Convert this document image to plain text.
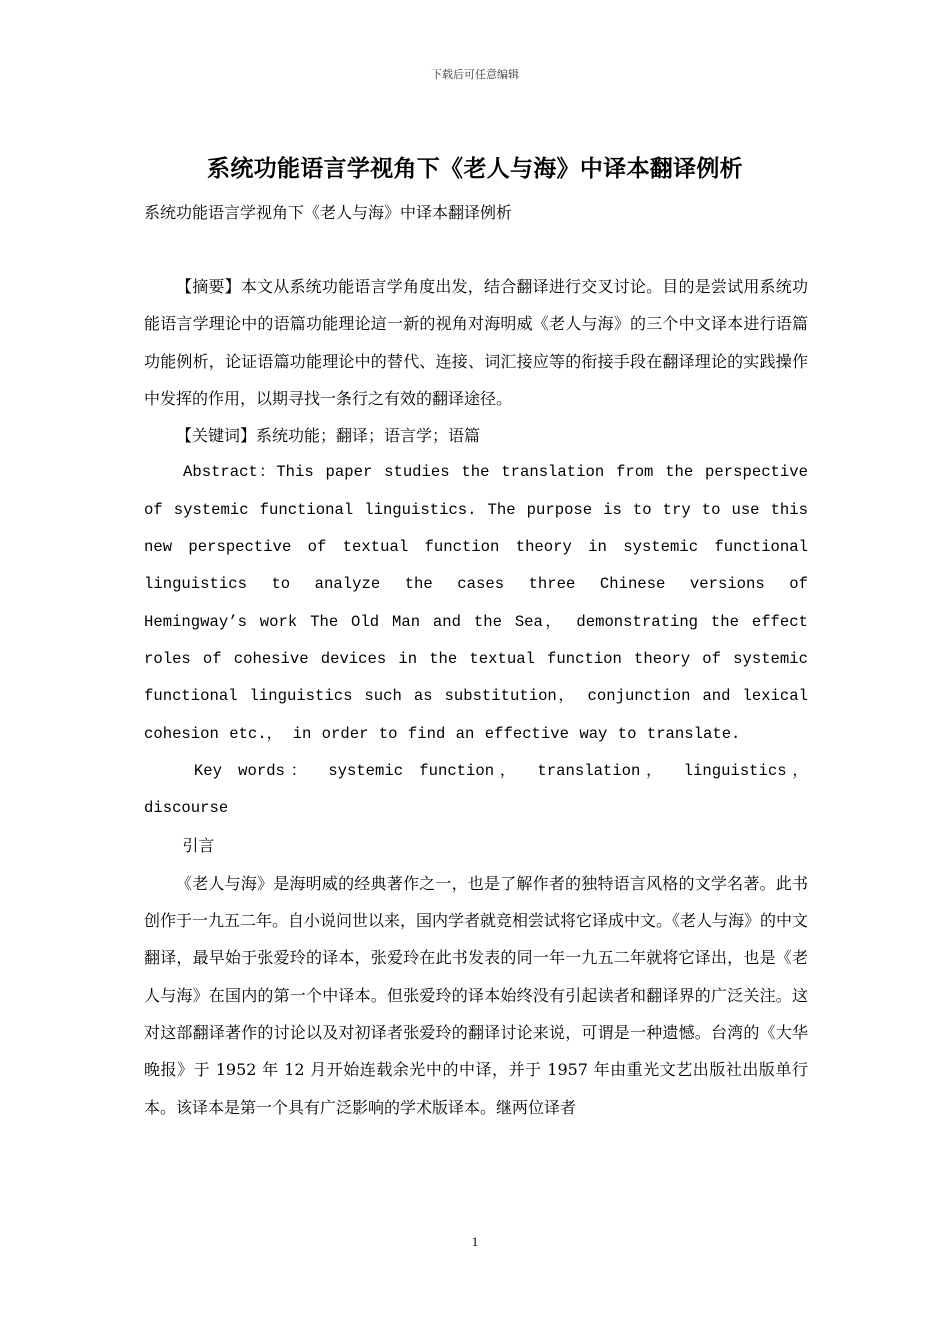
下载后可任意编辑
系统功能语言学视角下《老人与海》中译本翻译例析
系统功能语言学视角下《老人与海》中译本翻译例析

【摘要】本文从系统功能语言学角度出发，结合翻译进行交叉讨论。目的是尝试用系统功能语言学理论中的语篇功能理论這一新的视角对海明威《老人与海》的三个中文译本进行语篇功能例析，论证语篇功能理论中的替代、连接、词汇接应等的衔接手段在翻译理论的实践操作中发挥的作用，以期寻找一条行之有效的翻译途径。

【关键词】系统功能；翻译；语言学；语篇

Abstract：This paper studies the translation from the perspective of systemic functional linguistics. The purpose is to try to use this new perspective of textual function theory in systemic functional linguistics to analyze the cases three Chinese versions of Hemingway’s work The Old Man and the Sea， demonstrating the effect roles of cohesive devices in the textual function theory of systemic functional linguistics such as substitution， conjunction and lexical cohesion etc.， in order to find an effective way to translate.

Key words： systemic function， translation， linguistics， discourse

引言

《老人与海》是海明威的经典著作之一，也是了解作者的独特语言风格的文学名著。此书创作于一九五二年。自小说问世以来，国内学者就竞相尝试将它译成中文。《老人与海》的中文翻译，最早始于张爱玲的译本，张爱玲在此书发表的同一年一九五二年就将它译出，也是《老人与海》在国内的第一个中译本。但张爱玲的译本始终没有引起读者和翻译界的广泛关注。这对这部翻译著作的讨论以及对初译者张爱玲的翻译讨论来说，可谓是一种遗憾。台湾的《大华晚报》于 1952 年 12 月开始连载余光中的中译，并于 1957 年由重光文艺出版社出版单行本。该译本是第一个具有广泛影响的学术版译本。继两位译者

1
